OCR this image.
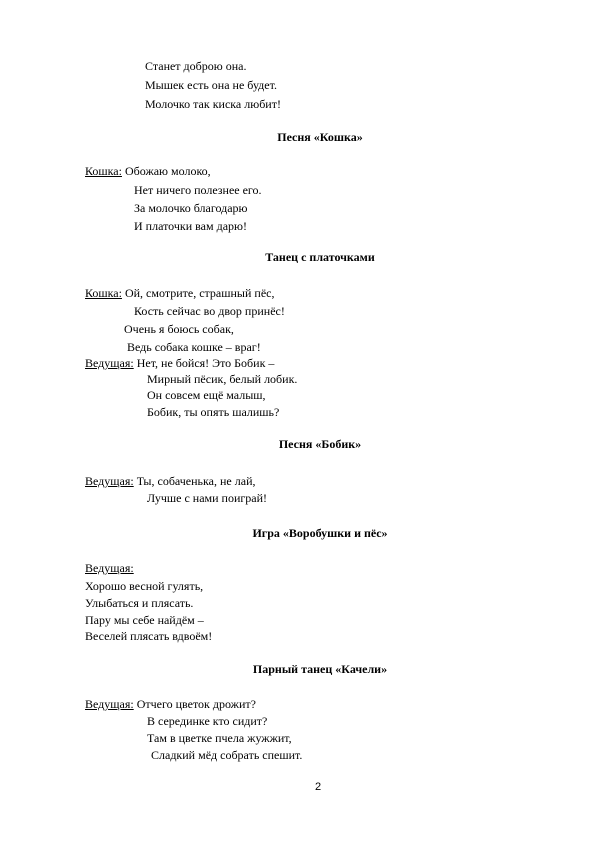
Станет доброю она.
Мышек есть она не будет.
Молочко так киска любит!
Песня «Кошка»
Кошка: Обожаю молоко,
Нет ничего полезнее его.
За молочко благодарю
И платочки вам дарю!
Танец с платочками
Кошка: Ой, смотрите, страшный пёс,
Кость сейчас во двор принёс!
Очень я боюсь собак,
Ведь собака кошке – враг!
Ведущая: Нет, не бойся! Это Бобик –
Мирный пёсик, белый лобик.
Он совсем ещё малыш,
Бобик, ты опять шалишь?
Песня «Бобик»
Ведущая: Ты, собаченька, не лай,
Лучше с нами поиграй!
Игра «Воробушки и пёс»
Ведущая:
Хорошо весной гулять,
Улыбаться и плясать.
Пару мы себе найдём –
Веселей плясать вдвоём!
Парный танец «Качели»
Ведущая: Отчего цветок дрожит?
В серединке кто сидит?
Там в цветке пчела жужжит,
Сладкий мёд собрать спешит.
2
